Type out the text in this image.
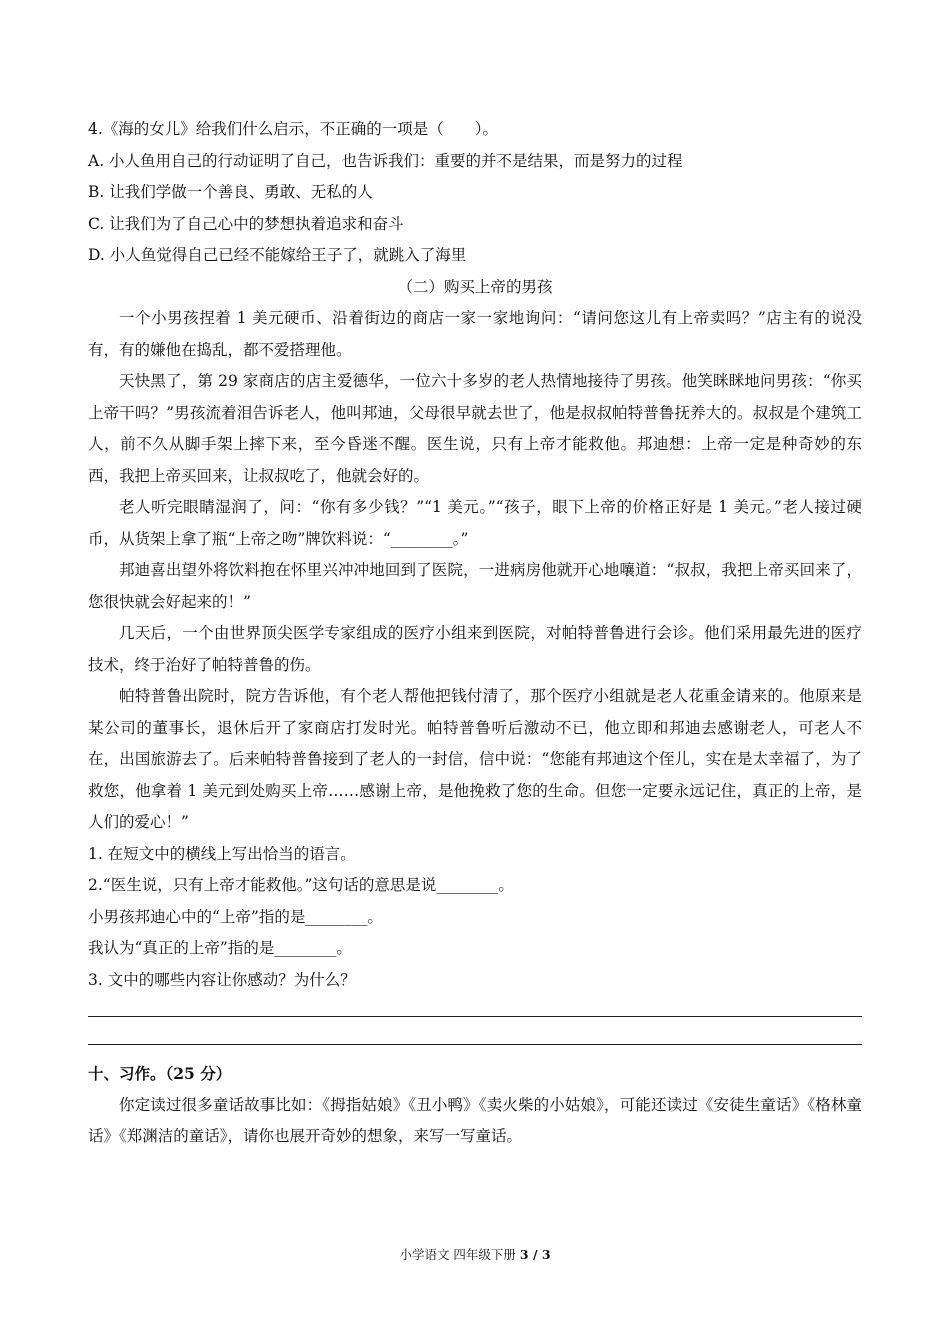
4.《海的女儿》给我们什么启示，不正确的一项是（　　）。

A. 小人鱼用自己的行动证明了自己，也告诉我们：重要的并不是结果，而是努力的过程

B. 让我们学做一个善良、勇敢、无私的人

C. 让我们为了自己心中的梦想执着追求和奋斗

D. 小人鱼觉得自己已经不能嫁给王子了，就跳入了海里

（二）购买上帝的男孩

一个小男孩捏着 1 美元硬币、沿着街边的商店一家一家地询问：“请问您这儿有上帝卖吗？”店主有的说没有，有的嫌他在捣乱，都不爱搭理他。

天快黑了，第 29 家商店的店主爱德华，一位六十多岁的老人热情地接待了男孩。他笑眯眯地问男孩：“你买上帝干吗？”男孩流着泪告诉老人，他叫邦迪，父母很早就去世了，他是叔叔帕特普鲁抚养大的。叔叔是个建筑工人，前不久从脚手架上摔下来，至今昏迷不醒。医生说，只有上帝才能救他。邦迪想：上帝一定是种奇妙的东西，我把上帝买回来，让叔叔吃了，他就会好的。

老人听完眼睛湿润了，问：“你有多少钱？”“1 美元。”“孩子，眼下上帝的价格正好是 1 美元。”老人接过硬币，从货架上拿了瓶“上帝之吻”牌饮料说：“________。”

邦迪喜出望外将饮料抱在怀里兴冲冲地回到了医院，一进病房他就开心地嚷道：“叔叔，我把上帝买回来了，您很快就会好起来的！”

几天后，一个由世界顶尖医学专家组成的医疗小组来到医院，对帕特普鲁进行会诊。他们采用最先进的医疗技术，终于治好了帕特普鲁的伤。

帕特普鲁出院时，院方告诉他，有个老人帮他把钱付清了，那个医疗小组就是老人花重金请来的。他原来是某公司的董事长，退休后开了家商店打发时光。帕特普鲁听后激动不已，他立即和邦迪去感谢老人，可老人不在，出国旅游去了。后来帕特普鲁接到了老人的一封信，信中说：“您能有邦迪这个侄儿，实在是太幸福了，为了救您，他拿着 1 美元到处购买上帝……感谢上帝，是他挽救了您的生命。但您一定要永远记住，真正的上帝，是人们的爱心！”

1. 在短文中的横线上写出恰当的语言。

2.“医生说，只有上帝才能救他。”这句话的意思是说________。

小男孩邦迪心中的“上帝”指的是________。

我认为“真正的上帝”指的是________。

3. 文中的哪些内容让你感动？为什么？

十、习作。（25 分）

你定读过很多童话故事比如：《拇指姑娘》《丑小鸭》《卖火柴的小姑娘》，可能还读过《安徒生童话》《格林童话》《郑渊洁的童话》，请你也展开奇妙的想象，来写一写童话。

小学语文 四年级下册 3 / 3
